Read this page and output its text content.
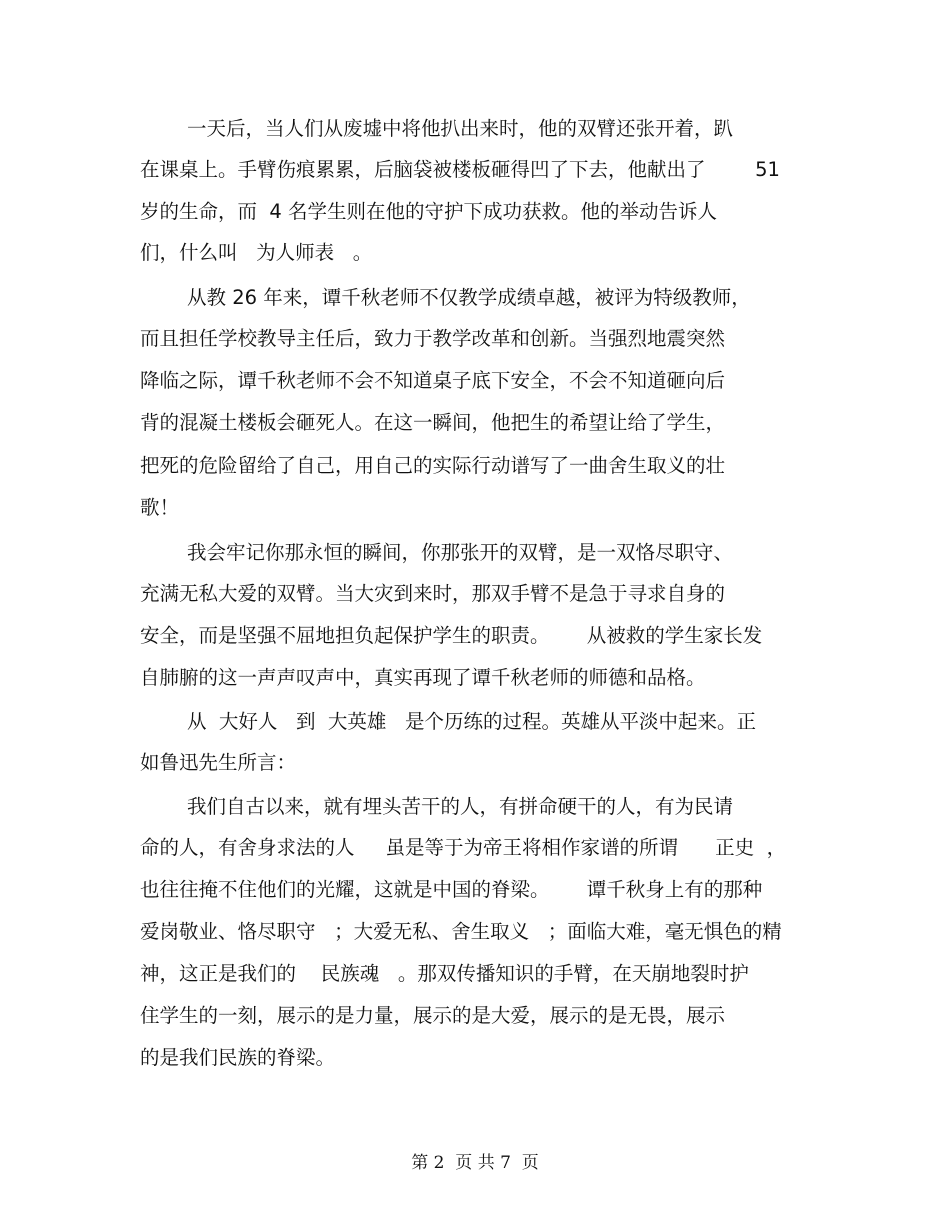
一天后，当人们从废墟中将他扒出来时，他的双臂还张开着，趴
在课桌上。手臂伤痕累累，后脑袋被楼板砸得凹了下去，他献出了        51
岁的生命，而  4 名学生则在他的守护下成功获救。他的举动告诉人
们，什么叫   为人师表   。
从教 26 年来，谭千秋老师不仅教学成绩卓越，被评为特级教师，
而且担任学校教导主任后，致力于教学改革和创新。当强烈地震突然
降临之际，谭千秋老师不会不知道桌子底下安全，不会不知道砸向后
背的混凝土楼板会砸死人。在这一瞬间，他把生的希望让给了学生，
把死的危险留给了自己，用自己的实际行动谱写了一曲舍生取义的壮
歌！
我会牢记你那永恒的瞬间，你那张开的双臂，是一双恪尽职守、
充满无私大爱的双臂。当大灾到来时，那双手臂不是急于寻求自身的
安全，而是坚强不屈地担负起保护学生的职责。      从被救的学生家长发
自肺腑的这一声声叹声中，真实再现了谭千秋老师的师德和品格。
从  大好人   到  大英雄   是个历练的过程。英雄从平淡中起来。正
如鲁迅先生所言：
我们自古以来，就有埋头苦干的人，有拼命硬干的人，有为民请
命的人，有舍身求法的人     虽是等于为帝王将相作家谱的所谓      正史  ，
也往往掩不住他们的光耀，这就是中国的脊梁。      谭千秋身上有的那种
爱岗敬业、恪尽职守   ；大爱无私、舍生取义   ；面临大难，毫无惧色的精
神，这正是我们的    民族魂   。那双传播知识的手臂，在天崩地裂时护
住学生的一刻，展示的是力量，展示的是大爱，展示的是无畏，展示
的是我们民族的脊梁。
第 2  页 共 7  页
